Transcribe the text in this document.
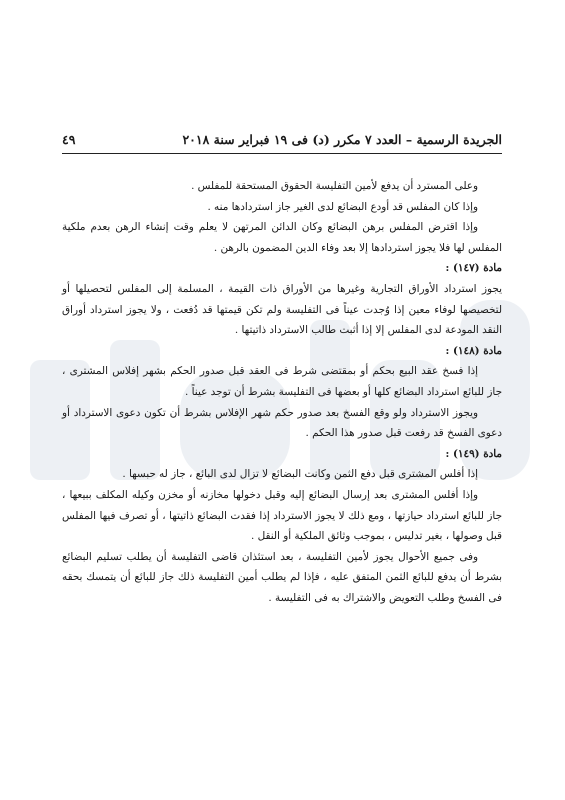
الجريدة الرسمية – العدد ٧ مكرر (د) فى ١٩ فبراير سنة ٢٠١٨
٤٩

وعلى المسترد أن يدفع لأمين التفليسة الحقوق المستحقة للمفلس .

وإذا كان المفلس قد أودع البضائع لدى الغير جاز استردادها منه .

وإذا اقترض المفلس برهن البضائع وكان الدائن المرتهن لا يعلم وقت إنشاء الرهن بعدم ملكية المفلس لها فلا يجوز استردادها إلا بعد وفاء الدين المضمون بالرهن .

مادة (١٤٧) :

يجوز استرداد الأوراق التجارية وغيرها من الأوراق ذات القيمة ، المسلمة إلى المفلس لتحصيلها أو لتخصيصها لوفاء معين إذا وُجدت عيناً فى التفليسة ولم تكن قيمتها قد دُفعت ، ولا يجوز استرداد أوراق النقد المودعة لدى المفلس إلا إذا أثبت طالب الاسترداد ذاتيتها .

مادة (١٤٨) :

إذا فسخ عقد البيع بحكم أو بمقتضى شرط فى العقد قبل صدور الحكم بشهر إفلاس المشترى ، جاز للبائع استرداد البضائع كلها أو بعضها فى التفليسة بشرط أن توجد عيناً .

ويجوز الاسترداد ولو وقع الفسخ بعد صدور حكم شهر الإفلاس بشرط أن تكون دعوى الاسترداد أو دعوى الفسخ قد رفعت قبل صدور هذا الحكم .

مادة (١٤٩) :

إذا أفلس المشترى قبل دفع الثمن وكانت البضائع لا تزال لدى البائع ، جاز له حبسها .

وإذا أفلس المشترى بعد إرسال البضائع إليه وقبل دخولها مخازنه أو مخزن وكيله المكلف ببيعها ، جاز للبائع استرداد حيازتها ، ومع ذلك لا يجوز الاسترداد إذا فقدت البضائع ذاتيتها ، أو تصرف فيها المفلس قبل وصولها ، بغير تدليس ، بموجب وثائق الملكية أو النقل .

وفى جميع الأحوال يجوز لأمين التفليسة ، بعد استئذان قاضى التفليسة أن يطلب تسليم البضائع بشرط أن يدفع للبائع الثمن المتفق عليه ، فإذا لم يطلب أمين التفليسة ذلك جاز للبائع أن يتمسك بحقه فى الفسخ وطلب التعويض والاشتراك به فى التفليسة .
